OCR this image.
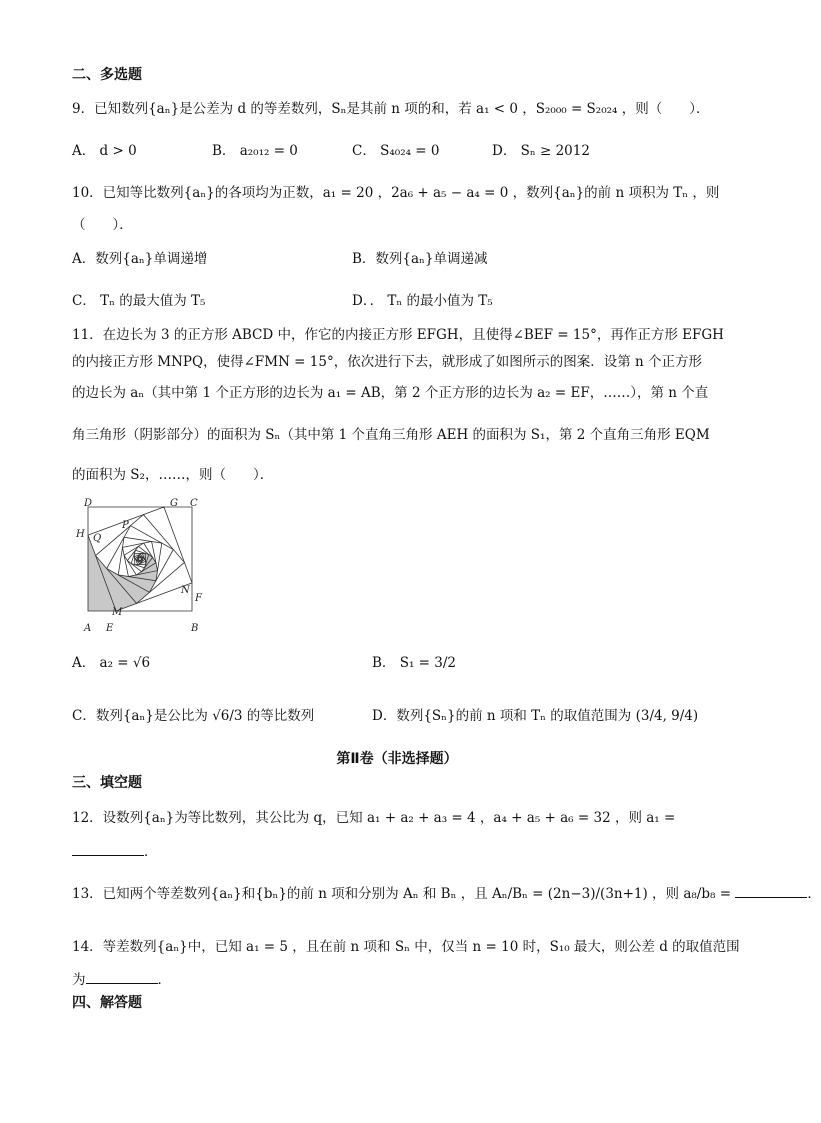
二、多选题
9．已知数列{aₙ}是公差为 d 的等差数列，Sₙ是其前 n 项的和，若 a₁ < 0 ，S₂₀₀₀ = S₂₀₂₄ ，则（　　）．
A． d > 0	B． a₂₀₁₂ = 0	C． S₄₀₂₄ = 0	D． Sₙ ≥ 2012
10．已知等比数列{aₙ}的各项均为正数，a₁ = 20 ，2a₆ + a₅ − a₄ = 0 ，数列{aₙ}的前 n 项积为 Tₙ ，则
（　　）．
A．数列{aₙ}单调递增	B．数列{aₙ}单调递减
C． Tₙ 的最大值为 T₅	D．． Tₙ 的最小值为 T₅
11．在边长为 3 的正方形 ABCD 中，作它的内接正方形 EFGH，且使得∠BEF = 15°，再作正方形 EFGH
的内接正方形 MNPQ，使得∠FMN = 15°，依次进行下去，就形成了如图所示的图案．设第 n 个正方形
的边长为 aₙ（其中第 1 个正方形的边长为 a₁ = AB，第 2 个正方形的边长为 a₂ = EF，……），第 n 个直
角三角形（阴影部分）的面积为 Sₙ（其中第 1 个直角三角形 AEH 的面积为 S₁，第 2 个直角三角形 EQM
的面积为 S₂，……，则（　　）．
D	G C
H Q
P
N
F
A E
M
B
A． a₂ = √6	B． S₁ = 3/2
C．数列{aₙ}是公比为 √6/3 的等比数列	D．数列{Sₙ}的前 n 项和 Tₙ 的取值范围为 (3/4, 9/4)
第Ⅱ卷（非选择题）
三、填空题
12．设数列{aₙ}为等比数列，其公比为 q，已知 a₁ + a₂ + a₃ = 4 ，a₄ + a₅ + a₆ = 32 ，则 a₁ =
．
13．已知两个等差数列{aₙ}和{bₙ}的前 n 项和分别为 Aₙ 和 Bₙ ，且 Aₙ/Bₙ = (2n−3)/(3n+1) ，则 a₈/b₈ =	．
14．等差数列{aₙ}中，已知 a₁ = 5 ，且在前 n 项和 Sₙ 中，仅当 n = 10 时，S₁₀ 最大，则公差 d 的取值范围
为	．
四、解答题
